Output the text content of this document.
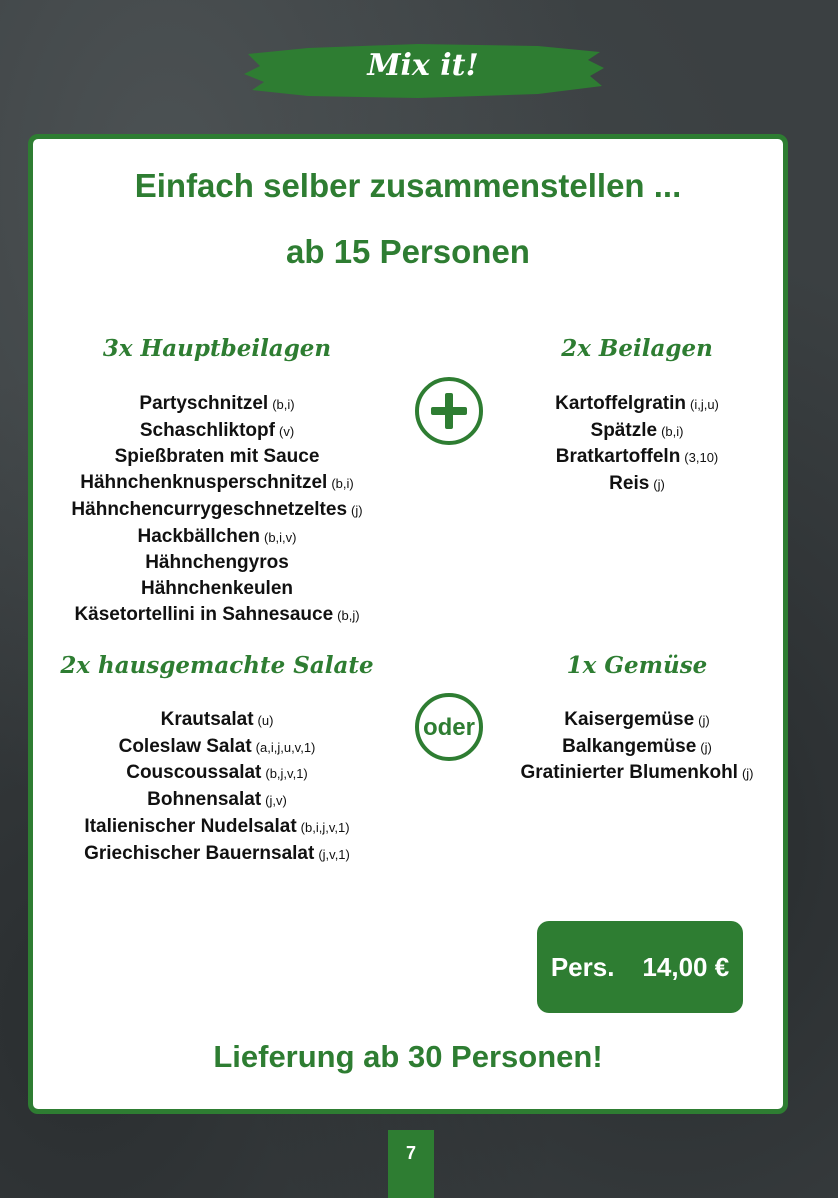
Mix it!
Einfach selber zusammenstellen ...
ab 15 Personen
3x Hauptbeilagen
Partyschnitzel (b,i)
Schaschliktopf (v)
Spießbraten mit Sauce
Hähnchenknusperschnitzel (b,i)
Hähnchencurrygeschnetzeltes (j)
Hackbällchen (b,i,v)
Hähnchengyros
Hähnchenkeulen
Käsetortellini in Sahnesauce (b,j)
2x Beilagen
Kartoffelgratin (i,j,u)
Spätzle (b,i)
Bratkartoffeln (3,10)
Reis (j)
2x hausgemachte Salate
Krautsalat (u)
Coleslaw Salat (a,i,j,u,v,1)
Couscoussalat (b,j,v,1)
Bohnensalat (j,v)
Italienischer Nudelsalat (b,i,j,v,1)
Griechischer Bauernsalat (j,v,1)
oder
1x Gemüse
Kaisergemüse (j)
Balkangemüse (j)
Gratinierter Blumenkohl (j)
Pers. 14,00 €
Lieferung ab 30 Personen!
7
